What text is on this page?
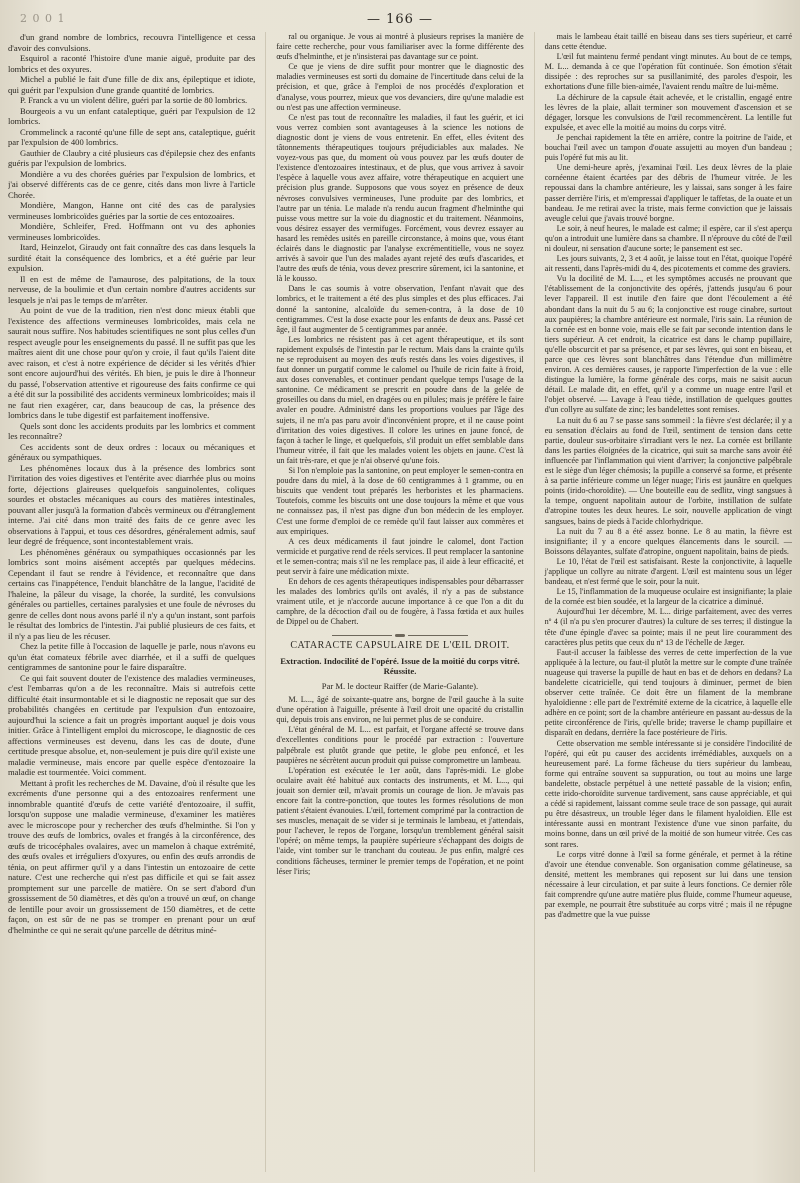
2 0 0 1	— 166 —

d'un grand nombre de lombrics, recouvra l'intelligence et cessa d'avoir des convulsions.

Esquirol a raconté l'histoire d'une manie aiguë, produite par des lombrics et des oxyures.

Michel a publié le fait d'une fille de dix ans, épileptique et idiote, qui guérit par l'expulsion d'une grande quantité de lombrics.

P. Franck a vu un violent délire, guéri par la sortie de 80 lombrics.

Bourgeois a vu un enfant cataleptique, guéri par l'expulsion de 12 lombrics.

Crommelinck a raconté qu'une fille de sept ans, cataleptique, guérit par l'expulsion de 400 lombrics.

Gauthier de Claubry a cité plusieurs cas d'épilepsie chez des enfants guéris par l'expulsion de lombrics.

Mondière a vu des chorées guéries par l'expulsion de lombrics, et j'ai observé différents cas de ce genre, cités dans mon livre à l'article Chorée.

Mondière, Mangon, Hanne ont cité des cas de paralysies vermineuses lombricoïdes guéries par la sortie de ces entozoaires.

Mondière, Schleifer, Fred. Hoffmann ont vu des aphonies vermineuses lombricoïdes.

Itard, Heinzelot, Giraudy ont fait connaître des cas dans lesquels la surdité était la conséquence des lombrics, et a été guérie par leur expulsion.

Il en est de même de l'amaurose, des palpitations, de la toux nerveuse, de la boulimie et d'un certain nombre d'autres accidents sur lesquels je n'ai pas le temps de m'arrêter.

Au point de vue de la tradition, rien n'est donc mieux établi que l'existence des affections vermineuses lombricoïdes, mais cela ne saurait nous suffire. Nos habitudes scientifiques ne sont plus celles d'un respect aveugle pour les enseignements du passé. Il ne suffit pas que les maîtres aient dit une chose pour qu'on y croie, il faut qu'ils l'aient dite avec raison, et c'est à notre expérience de décider si les vérités d'hier sont encore aujourd'hui des vérités. Eh bien, je puis le dire à l'honneur du passé, l'observation attentive et rigoureuse des faits confirme ce qui a été dit sur la possibilité des accidents vermineux lombricoïdes; mais il ne faut rien exagérer, car, dans beaucoup de cas, la présence des lombrics dans le tube digestif est parfaitement inoffensive.

Quels sont donc les accidents produits par les lombrics et comment les reconnaître?

Ces accidents sont de deux ordres : locaux ou mécaniques et généraux ou sympathiques.

Les phénomènes locaux dus à la présence des lombrics sont l'irritation des voies digestives et l'entérite avec diarrhée plus ou moins forte, déjections glaireuses quelquefois sanguinolentes, coliques sourdes et obstacles mécaniques au cours des matières intestinales, pouvant aller jusqu'à la formation d'abcès vermineux ou d'étranglement interne. J'ai cité dans mon traité des faits de ce genre avec les observations à l'appui, et tous ces désordres, généralement admis, sauf leur degré de fréquence, sont incontestablement vrais.

Les phénomènes généraux ou sympathiques occasionnés par les lombrics sont moins aisément acceptés par quelques médecins. Cependant il faut se rendre à l'évidence, et reconnaître que dans certains cas l'inappétence, l'enduit blanchâtre de la langue, l'acidité de l'haleine, la pâleur du visage, la chorée, la surdité, les convulsions générales ou partielles, certaines paralysies et une foule de névroses du genre de celles dont nous avons parlé il n'y a qu'un instant, sont parfois le résultat des lombrics de l'intestin. J'ai publié plusieurs de ces faits, et il n'y a pas lieu de les récuser.

Chez la petite fille à l'occasion de laquelle je parle, nous n'avons eu qu'un état comateux fébrile avec diarrhée, et il a suffi de quelques centigrammes de santonine pour le faire disparaître.

Ce qui fait souvent douter de l'existence des maladies vermineuses, c'est l'embarras qu'on a de les reconnaître. Mais si autrefois cette difficulté était insurmontable et si le diagnostic ne reposait que sur des probabilités changées en certitude par l'expulsion d'un entozoaire, aujourd'hui la science a fait un progrès important auquel je dois vous initier. Grâce à l'intelligent emploi du microscope, le diagnostic de ces affections vermineuses est devenu, dans les cas de doute, d'une certitude presque absolue, et, non-seulement je puis dire qu'il existe une maladie vermineuse, mais encore par quelle espèce d'entozoaire la maladie est tourmentée. Voici comment.

Mettant à profit les recherches de M. Davaine, d'où il résulte que les excréments d'une personne qui a des entozoaires renferment une innombrable quantité d'œufs de cette variété d'entozoaire, il suffit, lorsqu'on suppose une maladie vermineuse, d'examiner les matières avec le microscope pour y rechercher des œufs d'helminthe. Si l'on y trouve des œufs de lombrics, ovales et frangés à la circonférence, des œufs de tricocéphales ovalaires, avec un mamelon à chaque extrémité, des œufs ovales et irréguliers d'oxyures, ou enfin des œufs arrondis de ténia, on peut affirmer qu'il y a dans l'intestin un entozoaire de cette nature. C'est une recherche qui n'est pas difficile et qui se fait assez promptement sur une parcelle de matière. On se sert d'abord d'un grossissement de 50 diamètres, et dès qu'on a trouvé un œuf, on change de lentille pour avoir un grossissement de 150 diamètres, et de cette façon, on est sûr de ne pas se tromper en prenant pour un œuf d'helminthe ce qui ne serait qu'une parcelle de détritus miné-

ral ou organique. Je vous ai montré à plusieurs reprises la manière de faire cette recherche, pour vous familiariser avec la forme différente des œufs d'helminthe, et je n'insisterai pas davantage sur ce point.

Ce que je viens de dire suffit pour montrer que le diagnostic des maladies vermineuses est sorti du domaine de l'incertitude dans celui de la précision, et que, grâce à l'emploi de nos procédés d'exploration et d'analyse, vous pourrez, mieux que vos devanciers, dire qu'une maladie est ou n'est pas une affection vermineuse.

Ce n'est pas tout de reconnaître les maladies, il faut les guérir, et ici vous verrez combien sont avantageuses à la science les notions de diagnostic dont je viens de vous entretenir. En effet, elles évitent des tâtonnements thérapeutiques toujours préjudiciables aux malades. Ne voyez-vous pas que, du moment où vous pouvez par les œufs douter de l'existence d'entozoaires intestinaux, et de plus, que vous arrivez à savoir l'espèce à laquelle vous avez affaire, votre thérapeutique en acquiert une précision plus grande. Supposons que vous soyez en présence de deux névroses convulsives vermineuses, l'une produite par des lombrics, et l'autre par un ténia. Le malade n'a rendu aucun fragment d'helminthe qui puisse vous mettre sur la voie du diagnostic et du traitement. Néanmoins, vous désirez essayer des vermifuges. Forcément, vous devrez essayer au hasard les remèdes usités en pareille circonstance, à moins que, vous étant éclairés dans le diagnostic par l'analyse excrémentitielle, vous ne soyez arrivés à savoir que l'un des malades ayant rejeté des œufs d'ascarides, et l'autre des œufs de ténia, vous devez prescrire sûrement, ici la santonine, et là le kousso.

Dans le cas soumis à votre observation, l'enfant n'avait que des lombrics, et le traitement a été des plus simples et des plus efficaces. J'ai donné la santonine, alcaloïde du semen-contra, à la dose de 10 centigrammes. C'est la dose exacte pour les enfants de deux ans. Passé cet âge, il faut augmenter de 5 centigrammes par année.

Les lombrics ne résistent pas à cet agent thérapeutique, et ils sont rapidement expulsés de l'intestin par le rectum. Mais dans la crainte qu'ils ne se reproduisent au moyen des œufs restés dans les voies digestives, il faut donner un purgatif comme le calomel ou l'huile de ricin faite à froid, aux doses convenables, et continuer pendant quelque temps l'usage de la santonine. Ce médicament se prescrit en poudre dans de la gelée de groseilles ou dans du miel, en dragées ou en pilules; mais je préfère le faire avaler en poudre. Administré dans les proportions voulues par l'âge des sujets, il ne m'a pas paru avoir d'inconvénient propre, et il ne cause point d'irritation des voies digestives. Il colore les urines en jaune foncé, de façon à tacher le linge, et quelquefois, s'il produit un effet semblable dans l'humeur vitrée, il fait que les malades voient les objets en jaune. C'est là un fait très-rare, et que je n'ai observé qu'une fois.

Si l'on n'emploie pas la santonine, on peut employer le semen-contra en poudre dans du miel, à la dose de 60 centigrammes à 1 gramme, ou en biscuits que vendent tout préparés les herboristes et les pharmaciens. Toutefois, comme les biscuits ont une dose toujours la même et que vous ne connaissez pas, il n'est pas digne d'un bon médecin de les employer. C'est une forme d'emploi de ce remède qu'il faut laisser aux commères et aux empiriques.

A ces deux médicaments il faut joindre le calomel, dont l'action vermicide et purgative rend de réels services. Il peut remplacer la santonine et le semen-contra; mais s'il ne les remplace pas, il aide à leur efficacité, et peut servir à faire une médication mixte.

En dehors de ces agents thérapeutiques indispensables pour débarrasser les malades des lombrics qu'ils ont avalés, il n'y a pas de substance vraiment utile, et je n'accorde aucune importance à ce que l'on a dit du camphre, de la décoction d'ail ou de fougère, à l'assa fœtida et aux huiles de Dippel ou de Chabert.

CATARACTE CAPSULAIRE DE L'ŒIL DROIT.
Extraction. Indocilité de l'opéré. Issue de la moitié du corps vitré. Réussite.
Par M. le docteur Raiffer (de Marie-Galante).

M. L..., âgé de soixante-quatre ans, borgne de l'œil gauche à la suite d'une opération à l'aiguille, présente à l'œil droit une opacité du cristallin qui, depuis trois ans environ, ne lui permet plus de se conduire.

L'état général de M. L... est parfait, et l'organe affecté se trouve dans d'excellentes conditions pour le procédé par extraction : l'ouverture palpébrale est plutôt grande que petite, le globe peu enfoncé, et les paupières ne sécrètent aucun produit qui puisse compromettre un lambeau.

L'opération est exécutée le 1er août, dans l'après-midi. Le globe oculaire avait été habitué aux contacts des instruments, et M. L..., qui jouait son dernier œil, m'avait promis un courage de lion. Je m'avais pas encore fait la contre-ponction, que toutes les formes résolutions de mon patient s'étaient évanouies. L'œil, fortement comprimé par la contraction de ses muscles, menaçait de se vider si je terminais le lambeau, et j'attendais, pour l'achever, le repos de l'organe, lorsqu'un tremblement général saisit l'opéré; on même temps, la paupière supérieure s'échappant des doigts de l'aide, vint tomber sur le tranchant du couteau. Je pus enfin, malgré ces conditions fâcheuses, terminer le premier temps de l'opération, et ne point léser l'iris;

mais le lambeau était taillé en biseau dans ses tiers supérieur, et carré dans cette étendue.

L'œil fut maintenu fermé pendant vingt minutes. Au bout de ce temps, M. L... demanda à ce que l'opération fût continuée. Son émotion s'était dissipée : des reproches sur sa pusillanimité, des paroles d'espoir, les exhortations d'une fille bien-aimée, l'avaient rendu maître de lui-même.

La déchirure de la capsule était achevée, et le cristallin, engagé entre les lèvres de la plaie, allait terminer son mouvement d'ascension et se dégager, lorsque les convulsions de l'œil recommencèrent. La lentille fut expulsée, et avec elle la moitié au moins du corps vitré.

Je penchai rapidement la tête en arrière, contre la poitrine de l'aide, et bouchai l'œil avec un tampon d'ouate assujetti au moyen d'un bandeau ; puis l'opéré fut mis au lit.

Une demi-heure après, j'examinai l'œil. Les deux lèvres de la plaie cornéenne étaient écartées par des débris de l'humeur vitrée. Je les repoussai dans la chambre antérieure, les y laissai, sans songer à les faire passer derrière l'iris, et m'empressai d'appliquer le taffetas, de la ouate et un bandeau. Je me retirai avec la triste, mais ferme conviction que je laissais aveugle celui que j'avais trouvé borgne.

Le soir, à neuf heures, le malade est calme; il espère, car il s'est aperçu qu'on a introduit une lumière dans sa chambre. Il n'éprouve du côté de l'œil ni douleur, ni sensation d'aucune sorte; le pansement est sec.

Les jours suivants, 2, 3 et 4 août, je laisse tout en l'état, quoique l'opéré ait ressenti, dans l'après-midi du 4, des picotements et comme des graviers.

Vu la docilité de M. L..., et les symptômes accusés ne prouvant que l'établissement de la conjonctivite des opérés, j'attends jusqu'au 6 pour lever l'appareil. Il est inutile d'en faire que dont l'écoulement a été abondant dans la nuit du 5 au 6; la conjonctive est rouge cinabre, surtout aux paupières; la chambre antérieure est normale, l'iris sain. La réunion de la cornée est en bonne voie, mais elle se fait par seconde intention dans le tiers supérieur. A cet endroit, la cicatrice est dans le champ pupillaire, qu'elle obscurcit et par sa présence, et par ses lèvres, qui sont en biseau, et parce que ces lèvres sont blanchâtres dans l'étendue d'un millimètre environ. A ces dernières causes, je rapporte l'imperfection de la vue : elle distingue la lumière, la forme générale des corps, mais ne saisit aucun détail. Le malade dit, en effet, qu'il y a comme un nuage entre l'œil et l'objet observé. — Lavage à l'eau tiède, instillation de quelques gouttes d'un collyre au sulfate de zinc; les bandelettes sont remises.

La nuit du 6 au 7 se passe sans sommeil : la fièvre s'est déclarée; il y a eu sensation d'éclairs au fond de l'œil, sentiment de tension dans cette partie, douleur sus-orbitaire s'irradiant vers le nez. La cornée est brillante dans les parties éloignées de la cicatrice, qui suit sa marche sans avoir été influencée par l'inflammation qui vient d'arriver; la conjonctive palpébrale est le siège d'un léger chémosis; la pupille a conservé sa forme, et présente à sa partie inférieure comme un léger nuage; l'iris est jaunâtre en quelques points (irido-choroïdite). — Une bouteille eau de sedlitz, vingt sangsues à la tempe, onguent napolitain autour de l'orbite, instillation de sulfate d'atropine toutes les deux heures. Le soir, nouvelle application de vingt sangsues, bains de pieds à l'acide chlorhydrique.

La nuit du 7 au 8 a été assez bonne. Le 8 au matin, la fièvre est insignifiante; il y a encore quelques élancements dans le sourcil. — Boissons délayantes, sulfate d'atropine, onguent napolitain, bains de pieds.

Le 10, l'état de l'œil est satisfaisant. Reste la conjonctivite, à laquelle j'applique un collyre au nitrate d'argent. L'œil est maintenu sous un léger bandeau, et n'est fermé que le soir, pour la nuit.

Le 15, l'inflammation de la muqueuse oculaire est insignifiante; la plaie de la cornée est bien soudée, et la largeur de la cicatrice a diminué.

Aujourd'hui 1er décembre, M. L... dirige parfaitement, avec des verres nº 4 (il n'a pu s'en procurer d'autres) la culture de ses terres; il distingue la tête d'une épingle d'avec sa pointe; mais il ne peut lire couramment des caractères plus petits que ceux du nº 13 de l'échelle de Jæger.

Faut-il accuser la faiblesse des verres de cette imperfection de la vue appliquée à la lecture, ou faut-il plutôt la mettre sur le compte d'une traînée nuageuse qui traverse la pupille de haut en bas et de dehors en dedans? La bandelette cicatricielle, qui tend toujours à diminuer, permet de bien observer cette traînée. Ce doit être un filament de la membrane hyaloïdienne : elle part de l'extrémité externe de la cicatrice, à laquelle elle adhère en ce point; sort de la chambre antérieure en passant au-dessus de la petite circonférence de l'iris, qu'elle bride; traverse le champ pupillaire et disparaît en dedans, derrière la face postérieure de l'iris.

Cette observation me semble intéressante si je considère l'indocilité de l'opéré, qui eût pu causer des accidents irrémédiables, auxquels on a heureusement paré. La forme fâcheuse du tiers supérieur du lambeau, forme qui entraîne souvent sa suppuration, ou tout au moins une large bandelette, obstacle perpétuel à une netteté passable de la vision; enfin, cette irido-choroïdite survenue tardivement, sans cause appréciable, et qui a cédé si rapidement, laissant comme seule trace de son passage, qui aurait pu être désastreux, un trouble léger dans le filament hyaloïdien. Elle est intéressante aussi en montrant l'existence d'une vue sinon parfaite, du moins bonne, dans un œil privé de la moitié de son humeur vitrée. Ces cas sont rares.

Le corps vitré donne à l'œil sa forme générale, et permet à la rétine d'avoir une étendue convenable. Son organisation comme gélatineuse, sa densité, mettent les membranes qui reposent sur lui dans une tension nécessaire à leur circulation, et par suite à leurs fonctions. Ce dernier rôle fait comprendre qu'une autre matière plus fluide, comme l'humeur aqueuse, par exemple, ne pourrait être substituée au corps vitré ; mais il ne répugne pas d'admettre que la vue puisse
